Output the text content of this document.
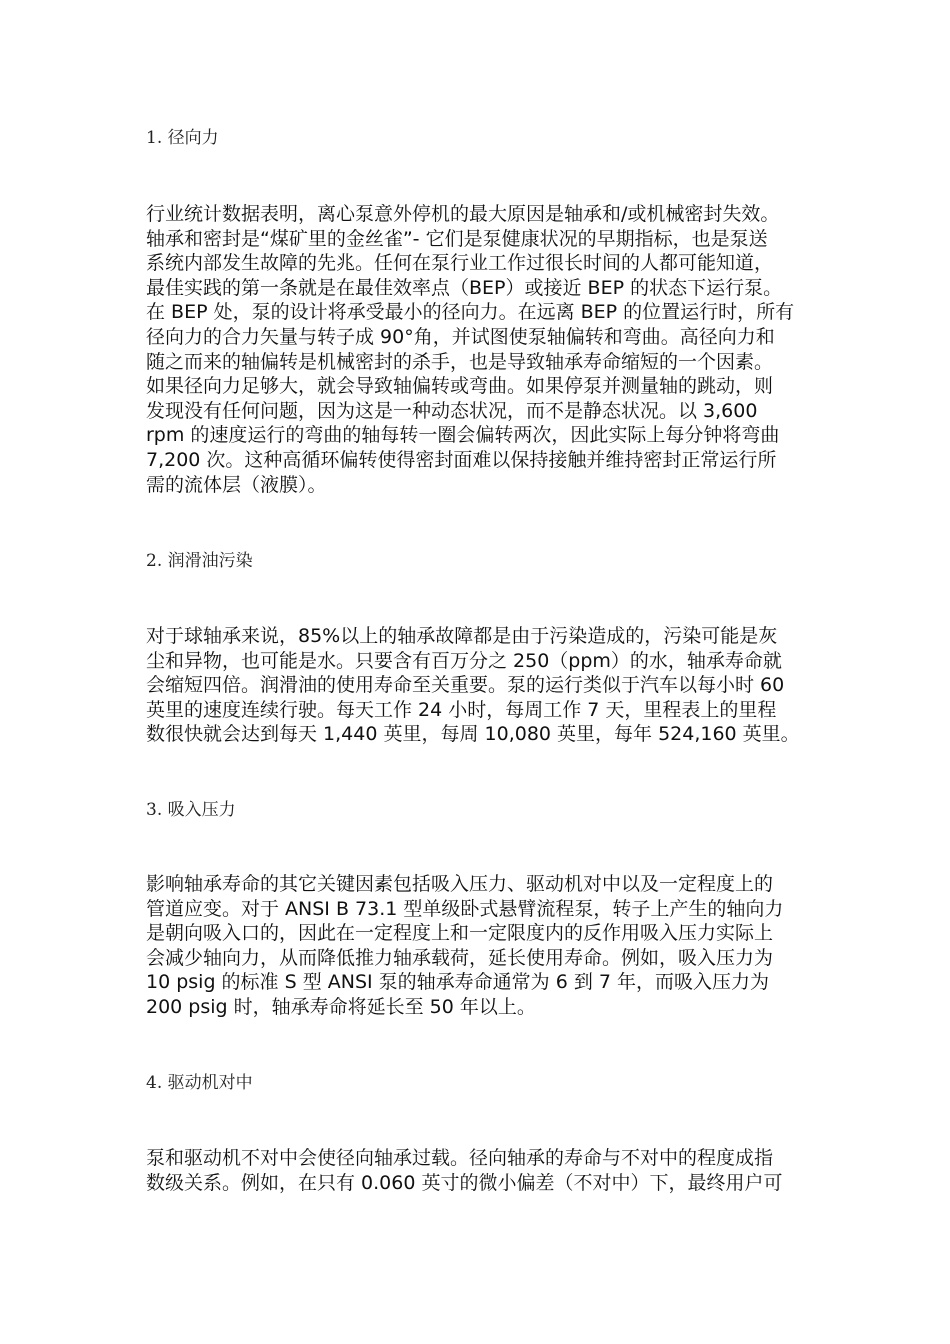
1. 径向力
行业统计数据表明，离心泵意外停机的最大原因是轴承和/或机械密封失效。
轴承和密封是“煤矿里的金丝雀”- 它们是泵健康状况的早期指标，也是泵送
系统内部发生故障的先兆。任何在泵行业工作过很长时间的人都可能知道，
最佳实践的第一条就是在最佳效率点（BEP）或接近 BEP 的状态下运行泵。
在 BEP 处，泵的设计将承受最小的径向力。在远离 BEP 的位置运行时，所有
径向力的合力矢量与转子成 90°角，并试图使泵轴偏转和弯曲。高径向力和
随之而来的轴偏转是机械密封的杀手，也是导致轴承寿命缩短的一个因素。
如果径向力足够大，就会导致轴偏转或弯曲。如果停泵并测量轴的跳动，则
发现没有任何问题，因为这是一种动态状况，而不是静态状况。以 3,600
rpm 的速度运行的弯曲的轴每转一圈会偏转两次，因此实际上每分钟将弯曲
7,200 次。这种高循环偏转使得密封面难以保持接触并维持密封正常运行所
需的流体层（液膜）。
2. 润滑油污染
对于球轴承来说，85%以上的轴承故障都是由于污染造成的，污染可能是灰
尘和异物，也可能是水。只要含有百万分之 250（ppm）的水，轴承寿命就
会缩短四倍。润滑油的使用寿命至关重要。泵的运行类似于汽车以每小时 60
英里的速度连续行驶。每天工作 24 小时，每周工作 7 天，里程表上的里程
数很快就会达到每天 1,440 英里，每周 10,080 英里，每年 524,160 英里。
3. 吸入压力
影响轴承寿命的其它关键因素包括吸入压力、驱动机对中以及一定程度上的
管道应变。对于 ANSI B 73.1 型单级卧式悬臂流程泵，转子上产生的轴向力
是朝向吸入口的，因此在一定程度上和一定限度内的反作用吸入压力实际上
会减少轴向力，从而降低推力轴承载荷，延长使用寿命。例如，吸入压力为
10 psig 的标准 S 型 ANSI 泵的轴承寿命通常为 6 到 7 年，而吸入压力为
200 psig 时，轴承寿命将延长至 50 年以上。
4. 驱动机对中
泵和驱动机不对中会使径向轴承过载。径向轴承的寿命与不对中的程度成指
数级关系。例如，在只有 0.060 英寸的微小偏差（不对中）下，最终用户可
